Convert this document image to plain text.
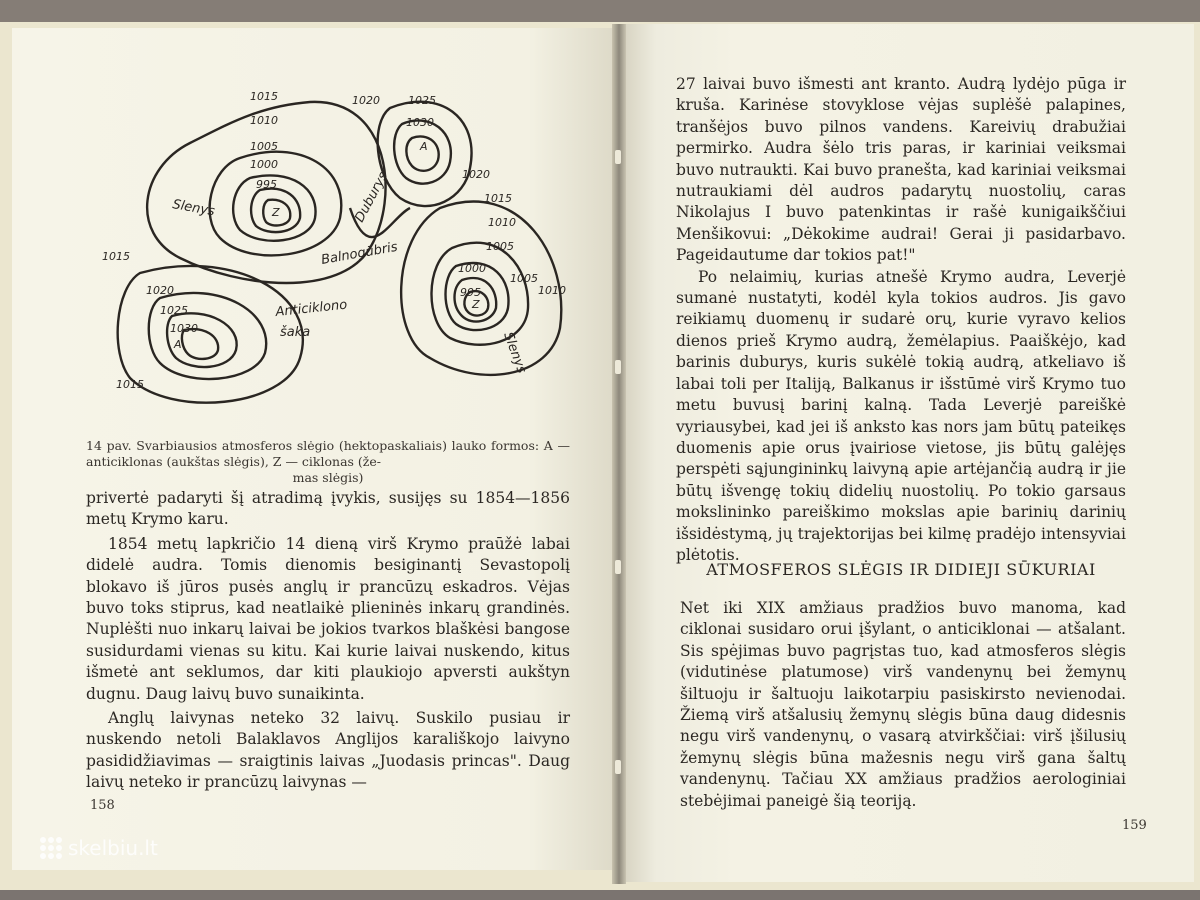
1015
1010
1005
1000
995
Z
1020	1025
1030
A
1020
1015
1010
1005
1000
995
Z
1005
1010
1015
1020
1025
1030
A
1015
Slenys	Duburys
Balnogūbris
Anticiklono
šaka	Slenys
14 pav. Svarbiausios atmosferos slėgio (hektopaskaliais) lauko formos: A — anticiklonas (aukštas slėgis), Z — ciklonas (že-
mas slėgis)

privertė padaryti šį atradimą įvykis, susijęs su 1854—1856 metų Krymo karu.

1854 metų lapkričio 14 dieną virš Krymo praūžė labai didelė audra. Tomis dienomis besiginantį Sevastopolį blokavo iš jūros pusės anglų ir prancūzų eskadros. Vėjas buvo toks stiprus, kad neatlaikė plieninės inkarų grandinės. Nuplėšti nuo inkarų laivai be jokios tvarkos blaškėsi bangose susidurdami vienas su kitu. Kai kurie laivai nuskendo, kitus išmetė ant seklumos, dar kiti plaukiojo apversti aukštyn dugnu. Daug laivų buvo sunaikinta.

Anglų laivynas neteko 32 laivų. Suskilo pusiau ir nuskendo netoli Balaklavos Anglijos karališkojo laivyno pasididžiavimas — sraigtinis laivas „Juodasis princas". Daug laivų neteko ir prancūzų laivynas —

158

27 laivai buvo išmesti ant kranto. Audrą lydėjo pūga ir kruša. Karinėse stovyklose vėjas suplėšė palapines, tranšėjos buvo pilnos vandens. Kareivių drabužiai permirko. Audra šėlo tris paras, ir kariniai veiksmai buvo nutraukti. Kai buvo pranešta, kad kariniai veiksmai nutraukiami dėl audros padarytų nuostolių, caras Nikolajus I buvo patenkintas ir rašė kunigaikščiui Menšikovui: „Dėkokime audrai! Gerai ji pasidarbavo. Pageidautume dar tokios pat!"

Po nelaimių, kurias atnešė Krymo audra, Leverjė sumanė nustatyti, kodėl kyla tokios audros. Jis gavo reikiamų duomenų ir sudarė orų, kurie vyravo kelios dienos prieš Krymo audrą, žemėlapius. Paaiškėjo, kad barinis duburys, kuris sukėlė tokią audrą, atkeliavo iš labai toli per Italiją, Balkanus ir išstūmė virš Krymo tuo metu buvusį barinį kalną. Tada Leverjė pareiškė vyriausybei, kad jei iš anksto kas nors jam būtų pateikęs duomenis apie orus įvairiose vietose, jis būtų galėjęs perspėti sąjungininkų laivyną apie artėjančią audrą ir jie būtų išvengę tokių didelių nuostolių. Po tokio garsaus mokslininko pareiškimo mokslas apie barinių darinių išsidėstymą, jų trajektorijas bei kilmę pradėjo intensyviai plėtotis.

ATMOSFEROS SLĖGIS IR DIDIEJI SŪKURIAI

Net iki XIX amžiaus pradžios buvo manoma, kad ciklonai susidaro orui įšylant, o anticiklonai — atšalant. Sis spėjimas buvo pagrįstas tuo, kad atmosferos slėgis (vidutinėse platumose) virš vandenynų bei žemynų šiltuoju ir šaltuoju laikotarpiu pasiskirsto nevienodai. Žiemą virš atšalusių žemynų slėgis būna daug didesnis negu virš vandenynų, o vasarą atvirkščiai: virš įšilusių žemynų slėgis būna mažesnis negu virš gana šaltų vandenynų. Tačiau XX amžiaus pradžios aerologiniai stebėjimai paneigė šią teoriją.

159
skelbiu.lt
